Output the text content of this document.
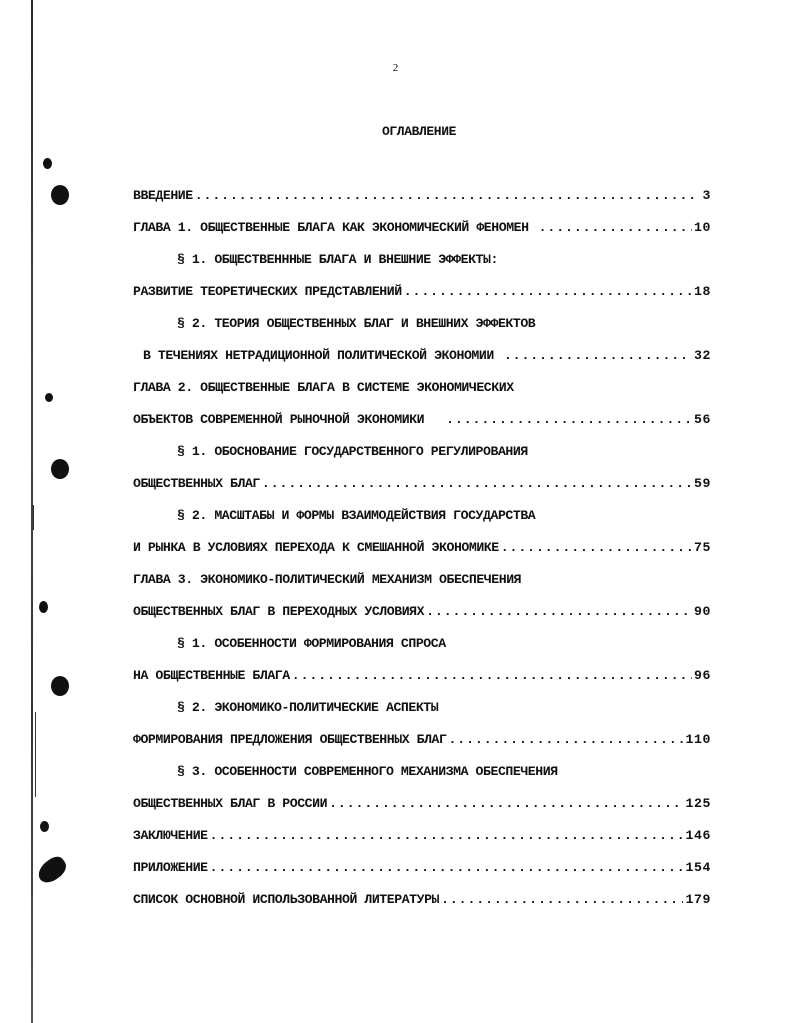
2
ОГЛАВЛЕНИЕ
ВВЕДЕНИЕ .....	3
ГЛАВА 1. ОБЩЕСТВЕННЫЕ БЛАГА КАК ЭКОНОМИЧЕСКИЙ ФЕНОМЕН .....	10
§ 1. ОБЩЕСТВЕНННЫЕ БЛАГА И ВНЕШНИЕ ЭФФЕКТЫ:
РАЗВИТИЕ ТЕОРЕТИЧЕСКИХ ПРЕДСТАВЛЕНИЙ .....	18
§ 2. ТЕОРИЯ ОБЩЕСТВЕННЫХ БЛАГ И ВНЕШНИХ ЭФФЕКТОВ
В ТЕЧЕНИЯХ НЕТРАДИЦИОННОЙ ПОЛИТИЧЕСКОЙ ЭКОНОМИИ .....	32
ГЛАВА 2. ОБЩЕСТВЕННЫЕ БЛАГА В СИСТЕМЕ ЭКОНОМИЧЕСКИХ
ОБЪЕКТОВ СОВРЕМЕННОЙ РЫНОЧНОЙ ЭКОНОМИКИ .....	56
§ 1. ОБОСНОВАНИЕ ГОСУДАРСТВЕННОГО РЕГУЛИРОВАНИЯ
ОБЩЕСТВЕННЫХ БЛАГ .....	59
§ 2. МАСШТАБЫ И ФОРМЫ ВЗАИМОДЕЙСТВИЯ ГОСУДАРСТВА
И РЫНКА В УСЛОВИЯХ ПЕРЕХОДА К СМЕШАННОЙ ЭКОНОМИКЕ .....	75
ГЛАВА 3. ЭКОНОМИКО-ПОЛИТИЧЕСКИЙ МЕХАНИЗМ ОБЕСПЕЧЕНИЯ
ОБЩЕСТВЕННЫХ БЛАГ В ПЕРЕХОДНЫХ УСЛОВИЯХ .....	90
§ 1. ОСОБЕННОСТИ ФОРМИРОВАНИЯ СПРОСА
НА ОБЩЕСТВЕННЫЕ БЛАГА .....	96
§ 2. ЭКОНОМИКО-ПОЛИТИЧЕСКИЕ АСПЕКТЫ
ФОРМИРОВАНИЯ ПРЕДЛОЖЕНИЯ ОБЩЕСТВЕННЫХ БЛАГ .....	110
§ 3. ОСОБЕННОСТИ СОВРЕМЕННОГО МЕХАНИЗМА ОБЕСПЕЧЕНИЯ
ОБЩЕСТВЕННЫХ БЛАГ В РОССИИ .....	125
ЗАКЛЮЧЕНИЕ .....	146
ПРИЛОЖЕНИЕ .....	154
СПИСОК ОСНОВНОЙ ИСПОЛЬЗОВАННОЙ ЛИТЕРАТУРЫ .....	179
